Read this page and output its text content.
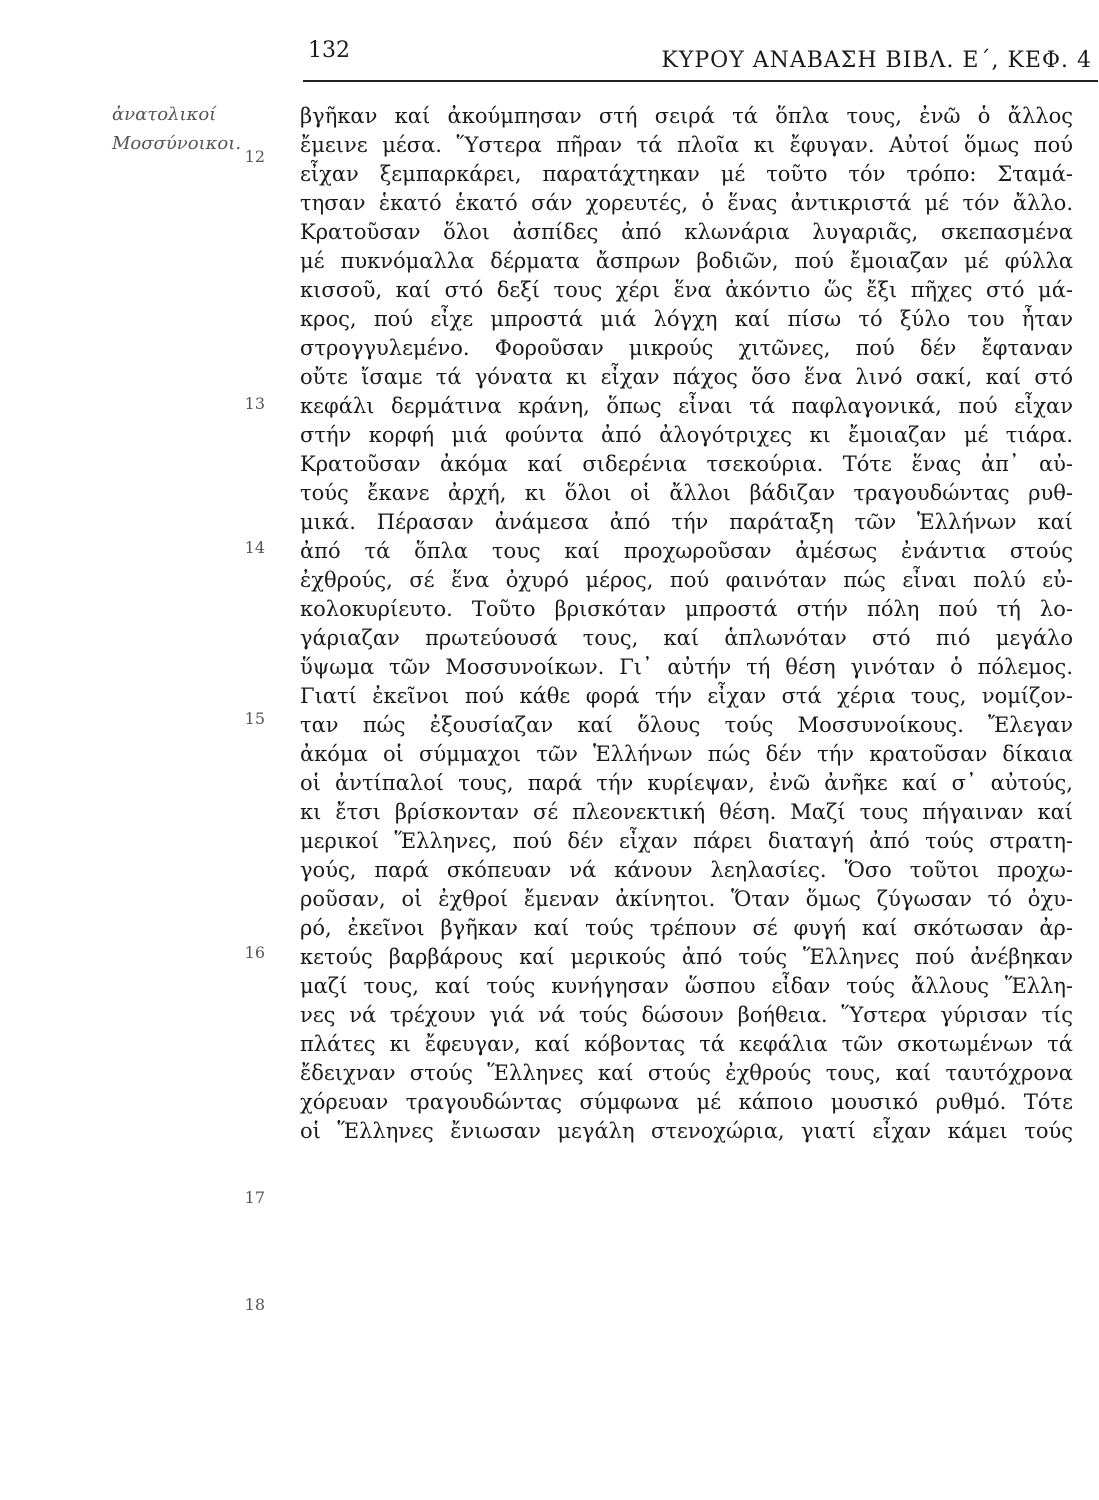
132	ΚΥΡΟΥ ΑΝΑΒΑΣΗ ΒΙΒΛ. Ε΄, ΚΕΦ. 4
ἀνατολικοί
Μοσσύνοικοι.
12
13
14
15
16
17
18
βγῆκαν καί ἀκούμπησαν στή σειρά τά ὅπλα τους, ἐνῶ ὁ ἄλλος
ἔμεινε μέσα. Ὕστερα πῆραν τά πλοῖα κι ἔφυγαν. Αὐτοί ὅμως πού
εἶχαν ξεμπαρκάρει, παρατάχτηκαν μέ τοῦτο τόν τρόπο: Σταμά-
τησαν ἑκατό ἑκατό σάν χορευτές, ὁ ἕνας ἀντικριστά μέ τόν ἄλλο.
Κρατοῦσαν ὅλοι ἀσπίδες ἀπό κλωνάρια λυγαριᾶς, σκεπασμένα
μέ πυκνόμαλλα δέρματα ἄσπρων βοδιῶν, πού ἔμοιαζαν μέ φύλλα
κισσοῦ, καί στό δεξί τους χέρι ἕνα ἀκόντιο ὥς ἔξι πῆχες στό μά-
κρος, πού εἶχε μπροστά μιά λόγχη καί πίσω τό ξύλο του ἦταν
στρογγυλεμένο. Φοροῦσαν μικρούς χιτῶνες, πού δέν ἔφταναν
οὔτε ἴσαμε τά γόνατα κι εἶχαν πάχος ὅσο ἕνα λινό σακί, καί στό
κεφάλι δερμάτινα κράνη, ὅπως εἶναι τά παφλαγονικά, πού εἶχαν
στήν κορφή μιά φούντα ἀπό ἀλογότριχες κι ἔμοιαζαν μέ τιάρα.
Κρατοῦσαν ἀκόμα καί σιδερένια τσεκούρια. Τότε ἕνας ἀπ᾽ αὐ-
τούς ἔκανε ἀρχή, κι ὅλοι οἱ ἄλλοι βάδιζαν τραγουδώντας ρυθ-
μικά. Πέρασαν ἀνάμεσα ἀπό τήν παράταξη τῶν Ἑλλήνων καί
ἀπό τά ὅπλα τους καί προχωροῦσαν ἀμέσως ἐνάντια στούς
ἐχθρούς, σέ ἕνα ὀχυρό μέρος, πού φαινόταν πώς εἶναι πολύ εὐ-
κολοκυρίευτο. Τοῦτο βρισκόταν μπροστά στήν πόλη πού τή λο-
γάριαζαν πρωτεύουσά τους, καί ἁπλωνόταν στό πιό μεγάλο
ὕψωμα τῶν Μοσσυνοίκων. Γι᾽ αὐτήν τή θέση γινόταν ὁ πόλεμος.
Γιατί ἐκεῖνοι πού κάθε φορά τήν εἶχαν στά χέρια τους, νομίζον-
ταν πώς ἐξουσίαζαν καί ὅλους τούς Μοσσυνοίκους. Ἔλεγαν
ἀκόμα οἱ σύμμαχοι τῶν Ἑλλήνων πώς δέν τήν κρατοῦσαν δίκαια
οἱ ἀντίπαλοί τους, παρά τήν κυρίεψαν, ἐνῶ ἀνῆκε καί σ᾽ αὐτούς,
κι ἔτσι βρίσκονταν σέ πλεονεκτική θέση. Μαζί τους πήγαιναν καί
μερικοί Ἕλληνες, πού δέν εἶχαν πάρει διαταγή ἀπό τούς στρατη-
γούς, παρά σκόπευαν νά κάνουν λεηλασίες. Ὅσο τοῦτοι προχω-
ροῦσαν, οἱ ἐχθροί ἔμεναν ἀκίνητοι. Ὅταν ὅμως ζύγωσαν τό ὀχυ-
ρό, ἐκεῖνοι βγῆκαν καί τούς τρέπουν σέ φυγή καί σκότωσαν ἀρ-
κετούς βαρβάρους καί μερικούς ἀπό τούς Ἕλληνες πού ἀνέβηκαν
μαζί τους, καί τούς κυνήγησαν ὥσπου εἶδαν τούς ἄλλους Ἕλλη-
νες νά τρέχουν γιά νά τούς δώσουν βοήθεια. Ὕστερα γύρισαν τίς
πλάτες κι ἔφευγαν, καί κόβοντας τά κεφάλια τῶν σκοτωμένων τά
ἔδειχναν στούς Ἕλληνες καί στούς ἐχθρούς τους, καί ταυτόχρονα
χόρευαν τραγουδώντας σύμφωνα μέ κάποιο μουσικό ρυθμό. Τότε
οἱ Ἕλληνες ἔνιωσαν μεγάλη στενοχώρια, γιατί εἶχαν κάμει τούς
